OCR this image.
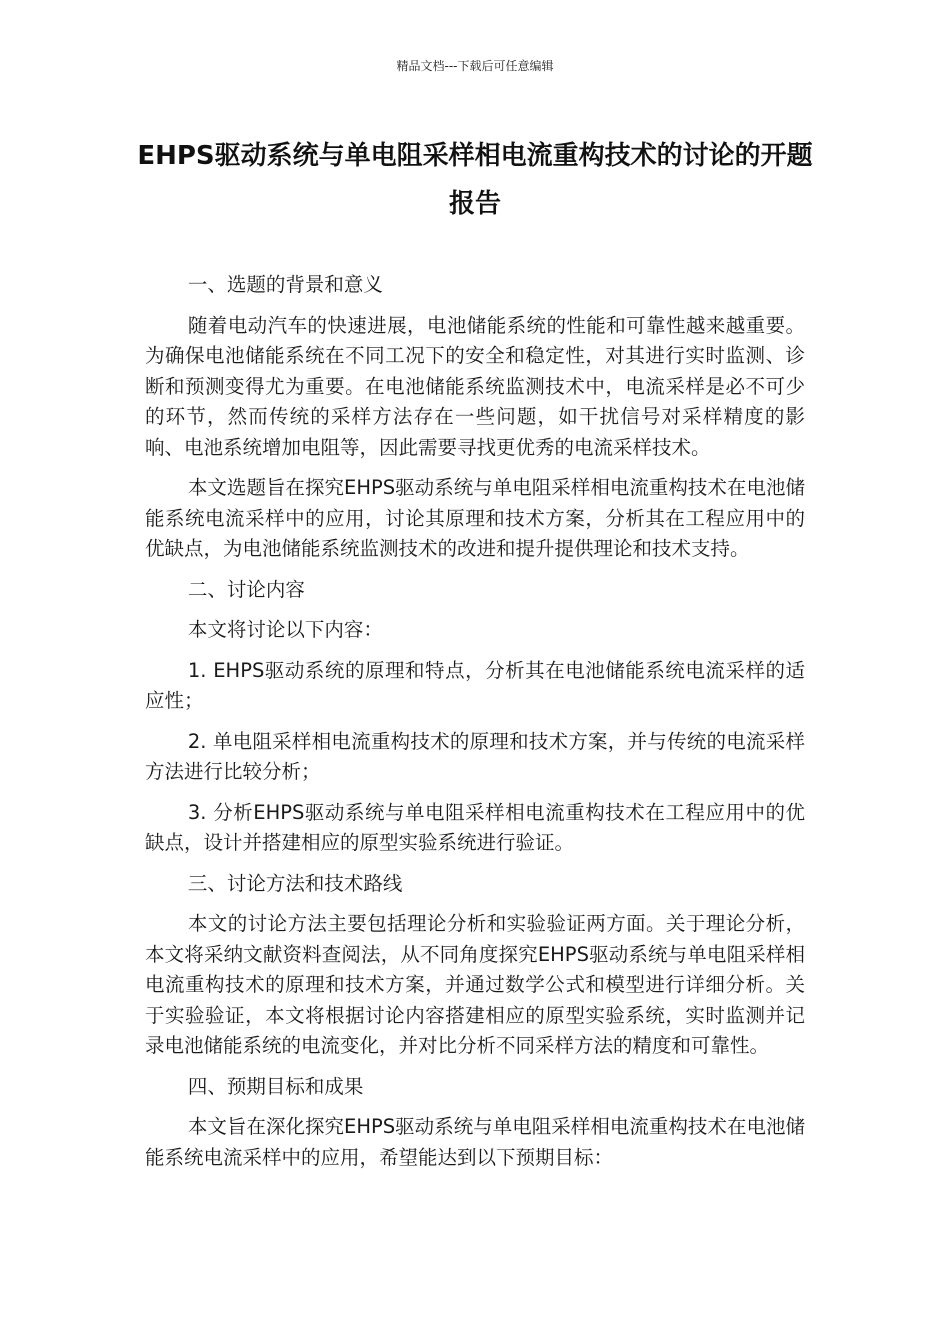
精品文档---下载后可任意编辑
EHPS驱动系统与单电阻采样相电流重构技术的讨论的开题报告

一、选题的背景和意义

随着电动汽车的快速进展，电池储能系统的性能和可靠性越来越重要。为确保电池储能系统在不同工况下的安全和稳定性，对其进行实时监测、诊断和预测变得尤为重要。在电池储能系统监测技术中，电流采样是必不可少的环节，然而传统的采样方法存在一些问题，如干扰信号对采样精度的影响、电池系统增加电阻等，因此需要寻找更优秀的电流采样技术。

本文选题旨在探究EHPS驱动系统与单电阻采样相电流重构技术在电池储能系统电流采样中的应用，讨论其原理和技术方案，分析其在工程应用中的优缺点，为电池储能系统监测技术的改进和提升提供理论和技术支持。

二、讨论内容

本文将讨论以下内容：

1. EHPS驱动系统的原理和特点，分析其在电池储能系统电流采样的适应性；

2. 单电阻采样相电流重构技术的原理和技术方案，并与传统的电流采样方法进行比较分析；

3. 分析EHPS驱动系统与单电阻采样相电流重构技术在工程应用中的优缺点，设计并搭建相应的原型实验系统进行验证。

三、讨论方法和技术路线

本文的讨论方法主要包括理论分析和实验验证两方面。关于理论分析，本文将采纳文献资料查阅法，从不同角度探究EHPS驱动系统与单电阻采样相电流重构技术的原理和技术方案，并通过数学公式和模型进行详细分析。关于实验验证，本文将根据讨论内容搭建相应的原型实验系统，实时监测并记录电池储能系统的电流变化，并对比分析不同采样方法的精度和可靠性。

四、预期目标和成果

本文旨在深化探究EHPS驱动系统与单电阻采样相电流重构技术在电池储能系统电流采样中的应用，希望能达到以下预期目标：
